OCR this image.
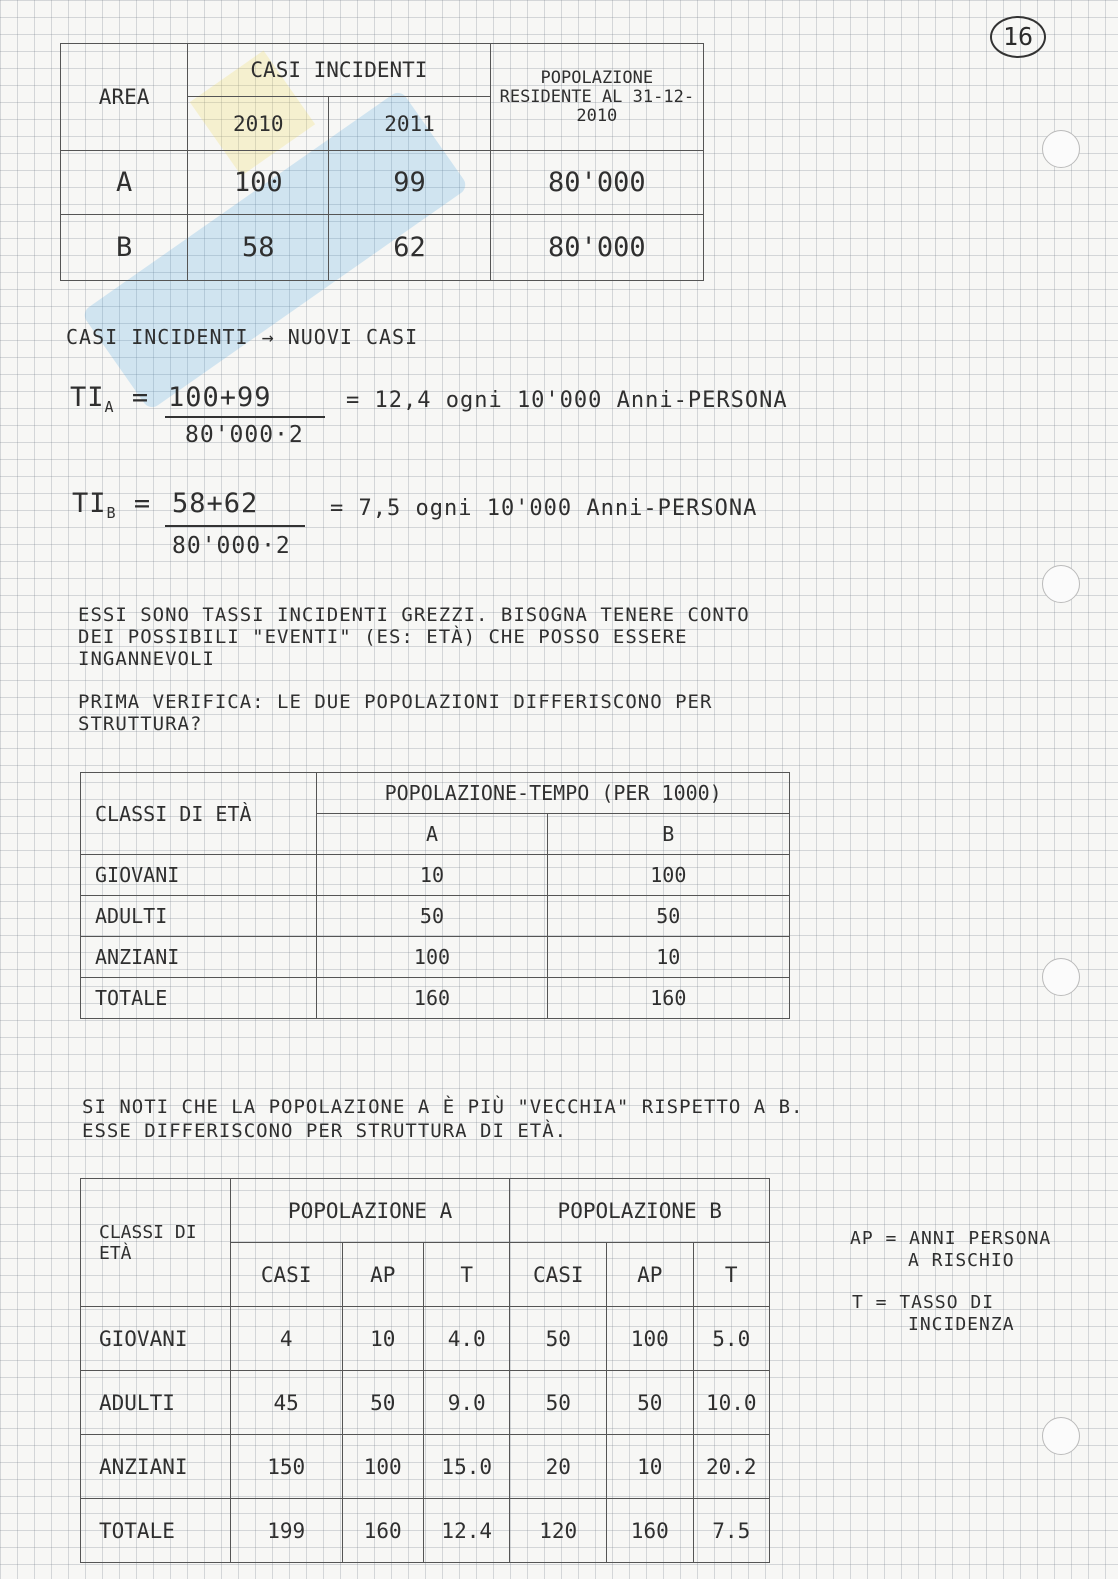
16
AREA	CASI INCIDENTI		POPOLAZIONE RESIDENTE AL 31-12-2010
	2010	2011	
A	100	99	80'000
B	58	62	80'000
CASI INCIDENTI → NUOVI CASI
$TI_A = 100+99$
80'000·2
= 12,4 ogni 10'000 Anni-PERSONA
$TI_B = 58+62$
80'000·2
= 7,5 ogni 10'000 Anni-PERSONA
ESSI SONO TASSI INCIDENTI GREZZI. BISOGNA TENERE CONTO
DEI POSSIBILI "EVENTI" (ES: ETÀ) CHE POSSO ESSERE
INGANNEVOLI
PRIMA VERIFICA: LE DUE POPOLAZIONI DIFFERISCONO PER
STRUTTURA?
CLASSI DI ETÀ	POPOLAZIONE-TEMPO (PER 1000)	
	A	B
GIOVANI	10	100
ADULTI	50	50
ANZIANI	100	10
TOTALE	160	160
SI NOTI CHE LA POPOLAZIONE A È PIÙ "VECCHIA" RISPETTO A B.
ESSE DIFFERISCONO PER STRUTTURA DI ETÀ.
CLASSI DI ETÀ	POPOLAZIONE A			POPOLAZIONE B		
	CASI	AP	T	CASI	AP	T
GIOVANI	4	10	4.0	50	100	5.0
ADULTI	45	50	9.0	50	50	10.0
ANZIANI	150	100	15.0	20	10	20.2
TOTALE	199	160	12.4	120	160	7.5
AP = ANNI PERSONA
A RISCHIO
T = TASSO DI
INCIDENZA
